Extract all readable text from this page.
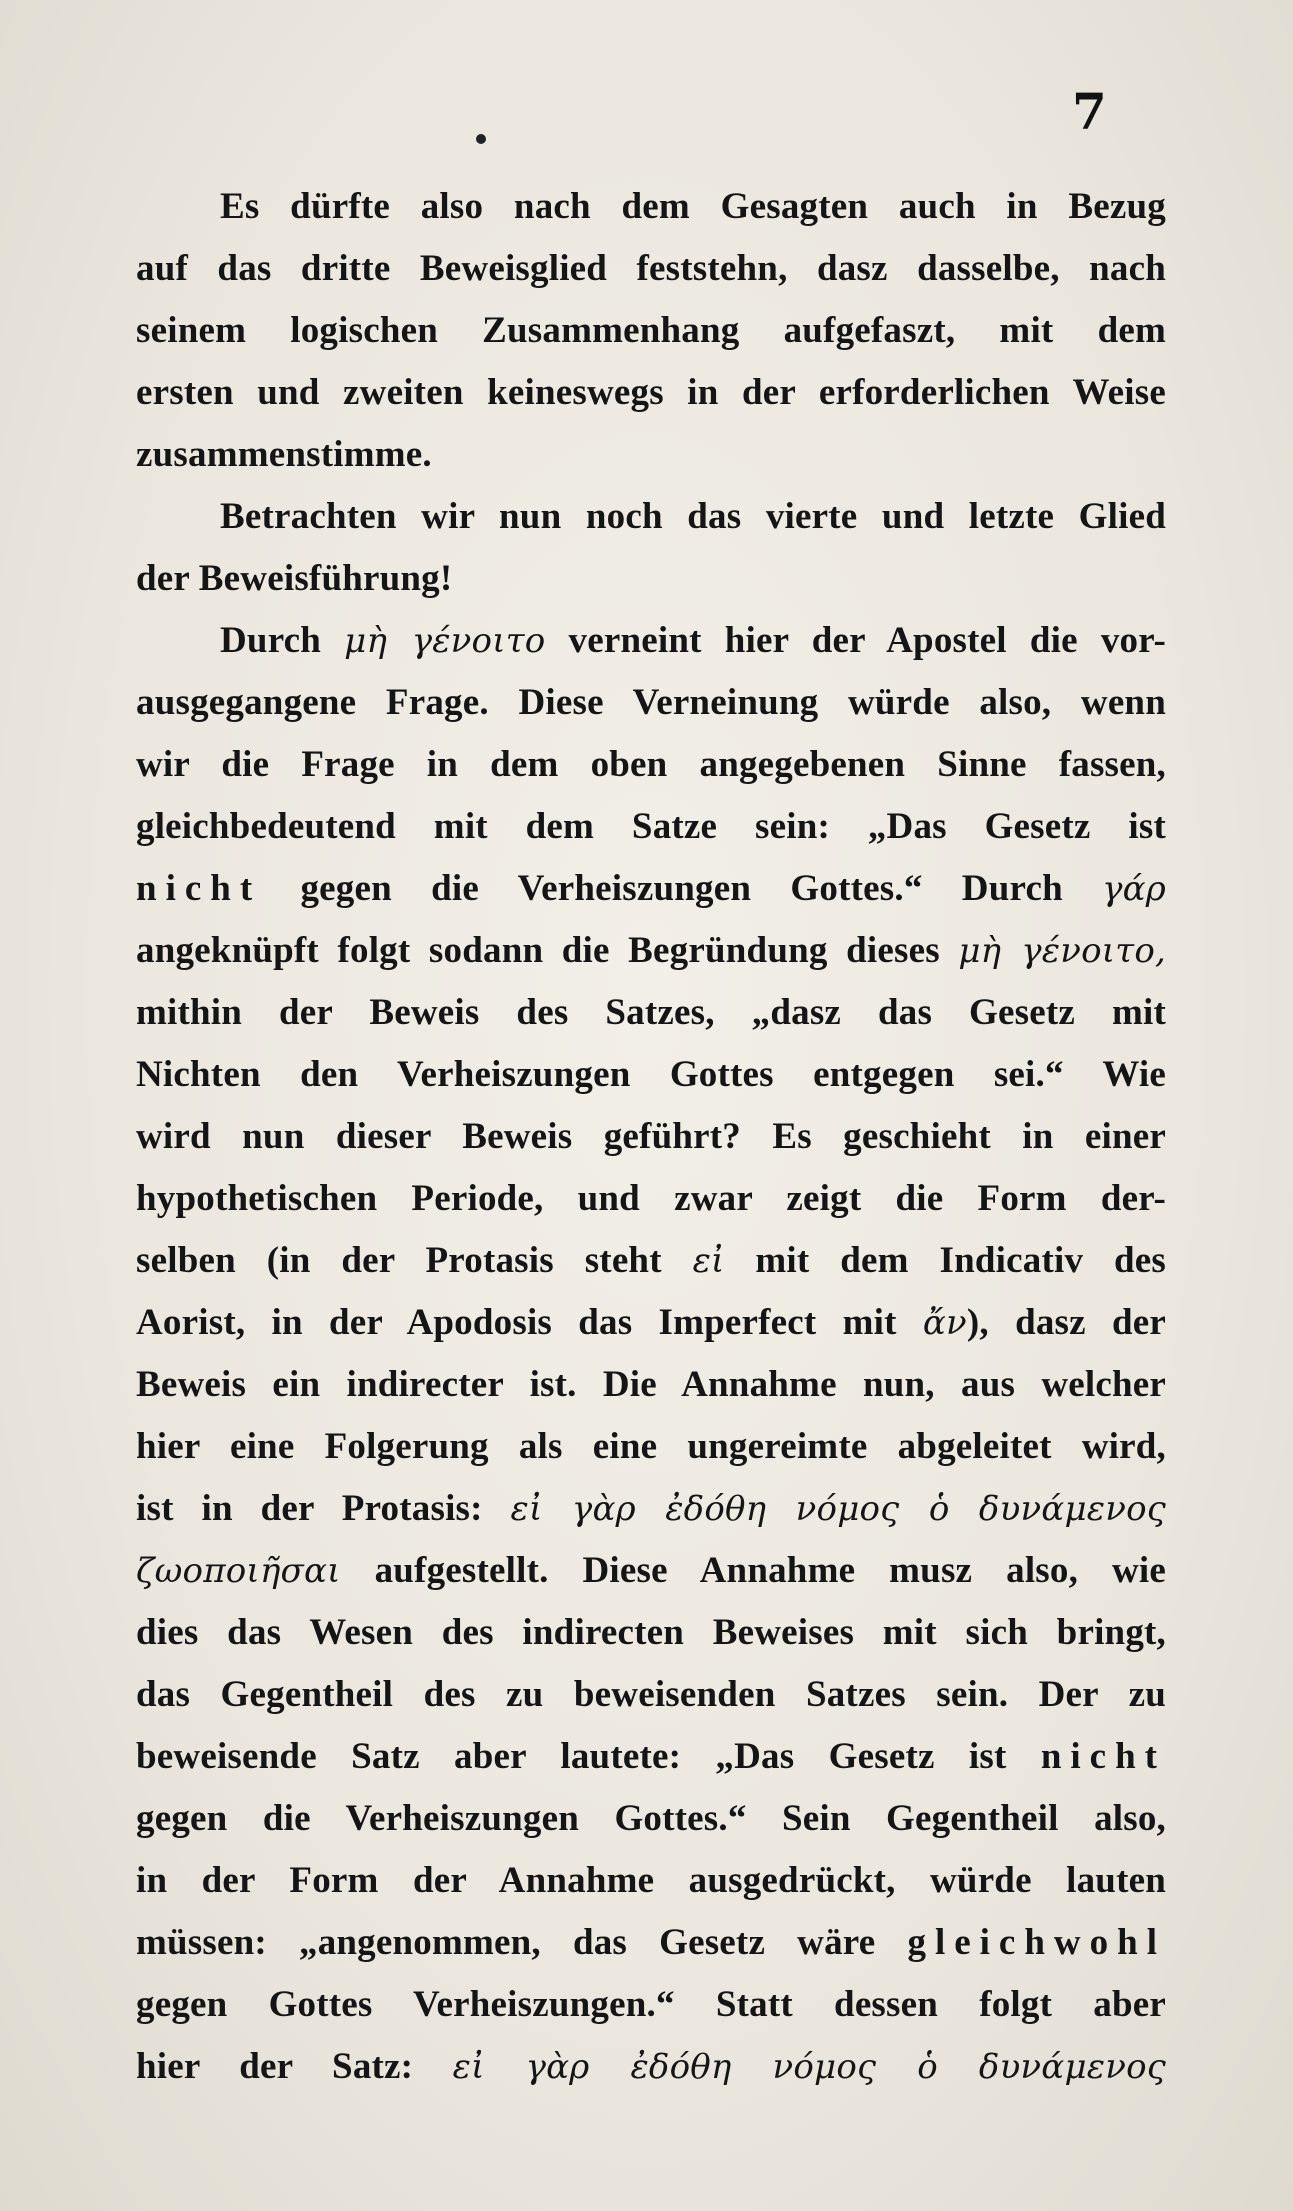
7
Es dürfte also nach dem Gesagten auch in Bezug
auf das dritte Beweisglied feststehn, dasz dasselbe, nach
seinem logischen Zusammenhang aufgefaszt, mit dem
ersten und zweiten keineswegs in der erforderlichen Weise
zusammenstimme.
Betrachten wir nun noch das vierte und letzte Glied
der Beweisführung!
Durch μὴ γένοιτο verneint hier der Apostel die vor-
ausgegangene Frage. Diese Verneinung würde also, wenn
wir die Frage in dem oben angegebenen Sinne fassen,
gleichbedeutend mit dem Satze sein: „Das Gesetz ist
nicht gegen die Verheiszungen Gottes.“ Durch γάρ
angeknüpft folgt sodann die Begründung dieses μὴ γένοιτο,
mithin der Beweis des Satzes, „dasz das Gesetz mit
Nichten den Verheiszungen Gottes entgegen sei.“ Wie
wird nun dieser Beweis geführt? Es geschieht in einer
hypothetischen Periode, und zwar zeigt die Form der-
selben (in der Protasis steht εἰ mit dem Indicativ des
Aorist, in der Apodosis das Imperfect mit ἄν), dasz der
Beweis ein indirecter ist. Die Annahme nun, aus welcher
hier eine Folgerung als eine ungereimte abgeleitet wird,
ist in der Protasis: εἰ γὰρ ἐδόθη νόμος ὁ δυνάμενος
ζωοποιῆσαι aufgestellt. Diese Annahme musz also, wie
dies das Wesen des indirecten Beweises mit sich bringt,
das Gegentheil des zu beweisenden Satzes sein. Der zu
beweisende Satz aber lautete: „Das Gesetz ist nicht
gegen die Verheiszungen Gottes.“ Sein Gegentheil also,
in der Form der Annahme ausgedrückt, würde lauten
müssen: „angenommen, das Gesetz wäre gleichwohl
gegen Gottes Verheiszungen.“ Statt dessen folgt aber
hier der Satz: εἰ γὰρ ἐδόθη νόμος ὁ δυνάμενος
